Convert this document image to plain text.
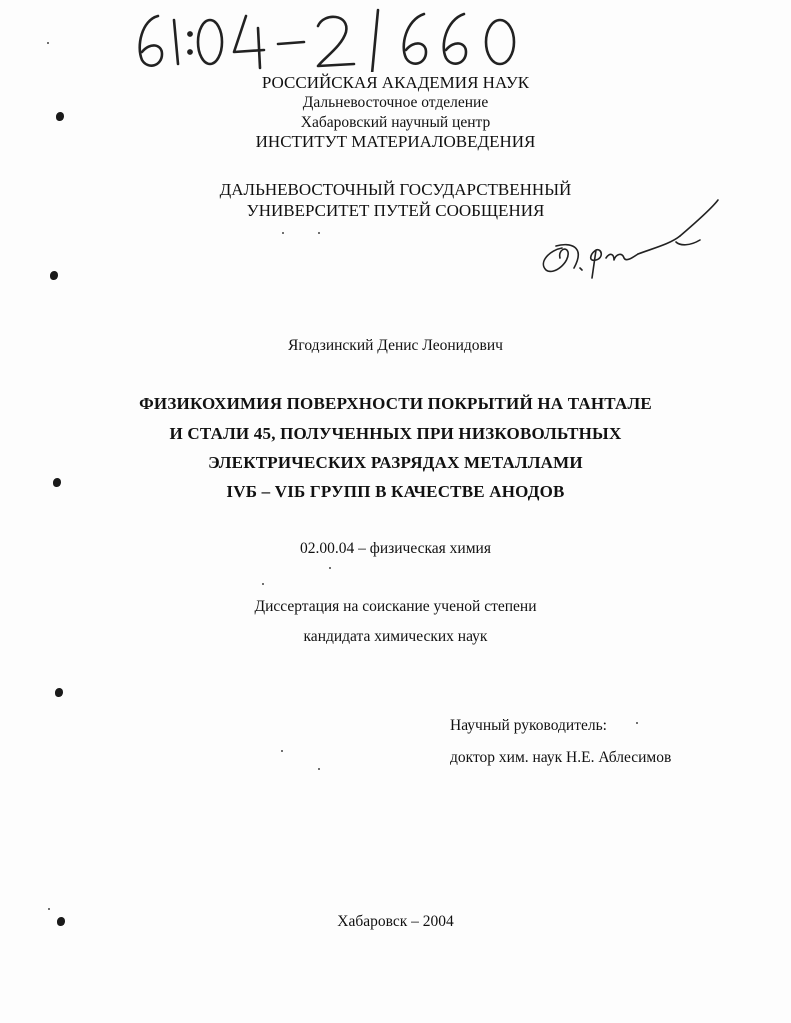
РОССИЙСКАЯ АКАДЕМИЯ НАУК
Дальневосточное отделение
Хабаровский научный центр
ИНСТИТУТ МАТЕРИАЛОВЕДЕНИЯ
ДАЛЬНЕВОСТОЧНЫЙ ГОСУДАРСТВЕННЫЙ
УНИВЕРСИТЕТ ПУТЕЙ СООБЩЕНИЯ
Ягодзинский Денис Леонидович
ФИЗИКОХИМИЯ ПОВЕРХНОСТИ ПОКРЫТИЙ НА ТАНТАЛЕ
И СТАЛИ 45, ПОЛУЧЕННЫХ ПРИ НИЗКОВОЛЬТНЫХ
ЭЛЕКТРИЧЕСКИХ РАЗРЯДАХ МЕТАЛЛАМИ
IVБ – VIБ ГРУПП В КАЧЕСТВЕ АНОДОВ
02.00.04 – физическая химия
Диссертация на соискание ученой степени
кандидата химических наук
Научный руководитель:
доктор хим. наук Н.Е. Аблесимов
Хабаровск – 2004
